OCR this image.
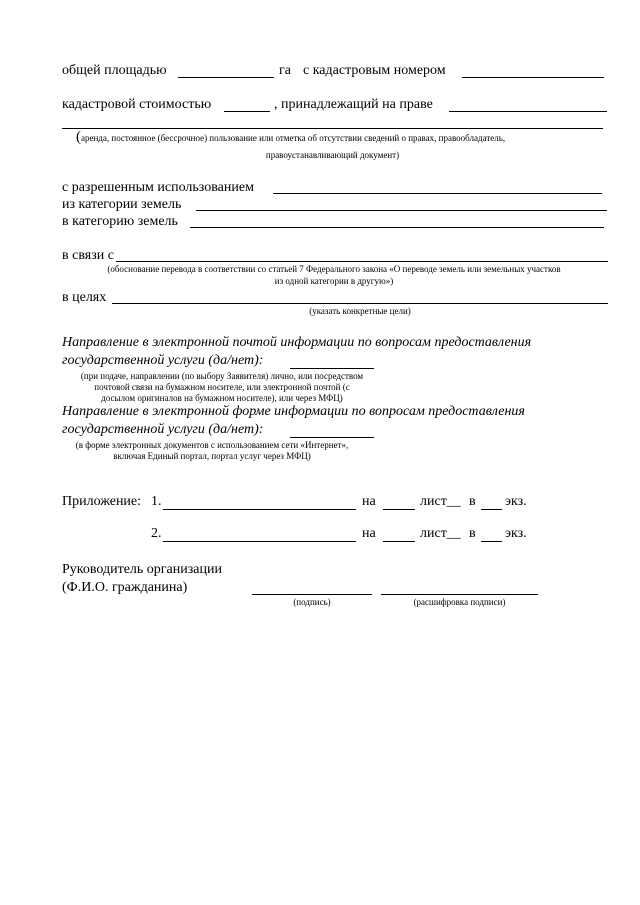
общей площадью	га с кадастровым номером
кадастровой стоимостью	, принадлежащий на праве
(аренда, постоянное (бессрочное) пользование или отметка об отсутствии сведений о правах, правообладатель,
правоустанавливающий документ)
с разрешенным использованием
из категории земель
в категорию земель
в связи с
(обоснование перевода в соответствии со статьей 7 Федерального закона «О переводе земель или земельных участков
из одной категории в другую»)
в целях
(указать конкретные цели)
Направление в электронной почтой информации по вопросам предоставления
государственной услуги (да/нет):
(при подаче, направлении (по выбору Заявителя) лично, или посредством
почтовой связи на бумажном носителе, или электронной почтой (с
досылом оригиналов на бумажном носителе), или через МФЦ)
Направление в электронной форме информации по вопросам предоставления
государственной услуги (да/нет):
(в форме электронных документов с использованием сети «Интернет»,
включая Единый портал, портал услуг через МФЦ)
Приложение: 1.	на	лист__ в экз.
2.	на	лист__ в экз.
Руководитель организации
(Ф.И.О. гражданина)
(подпись)	(расшифровка подписи)
